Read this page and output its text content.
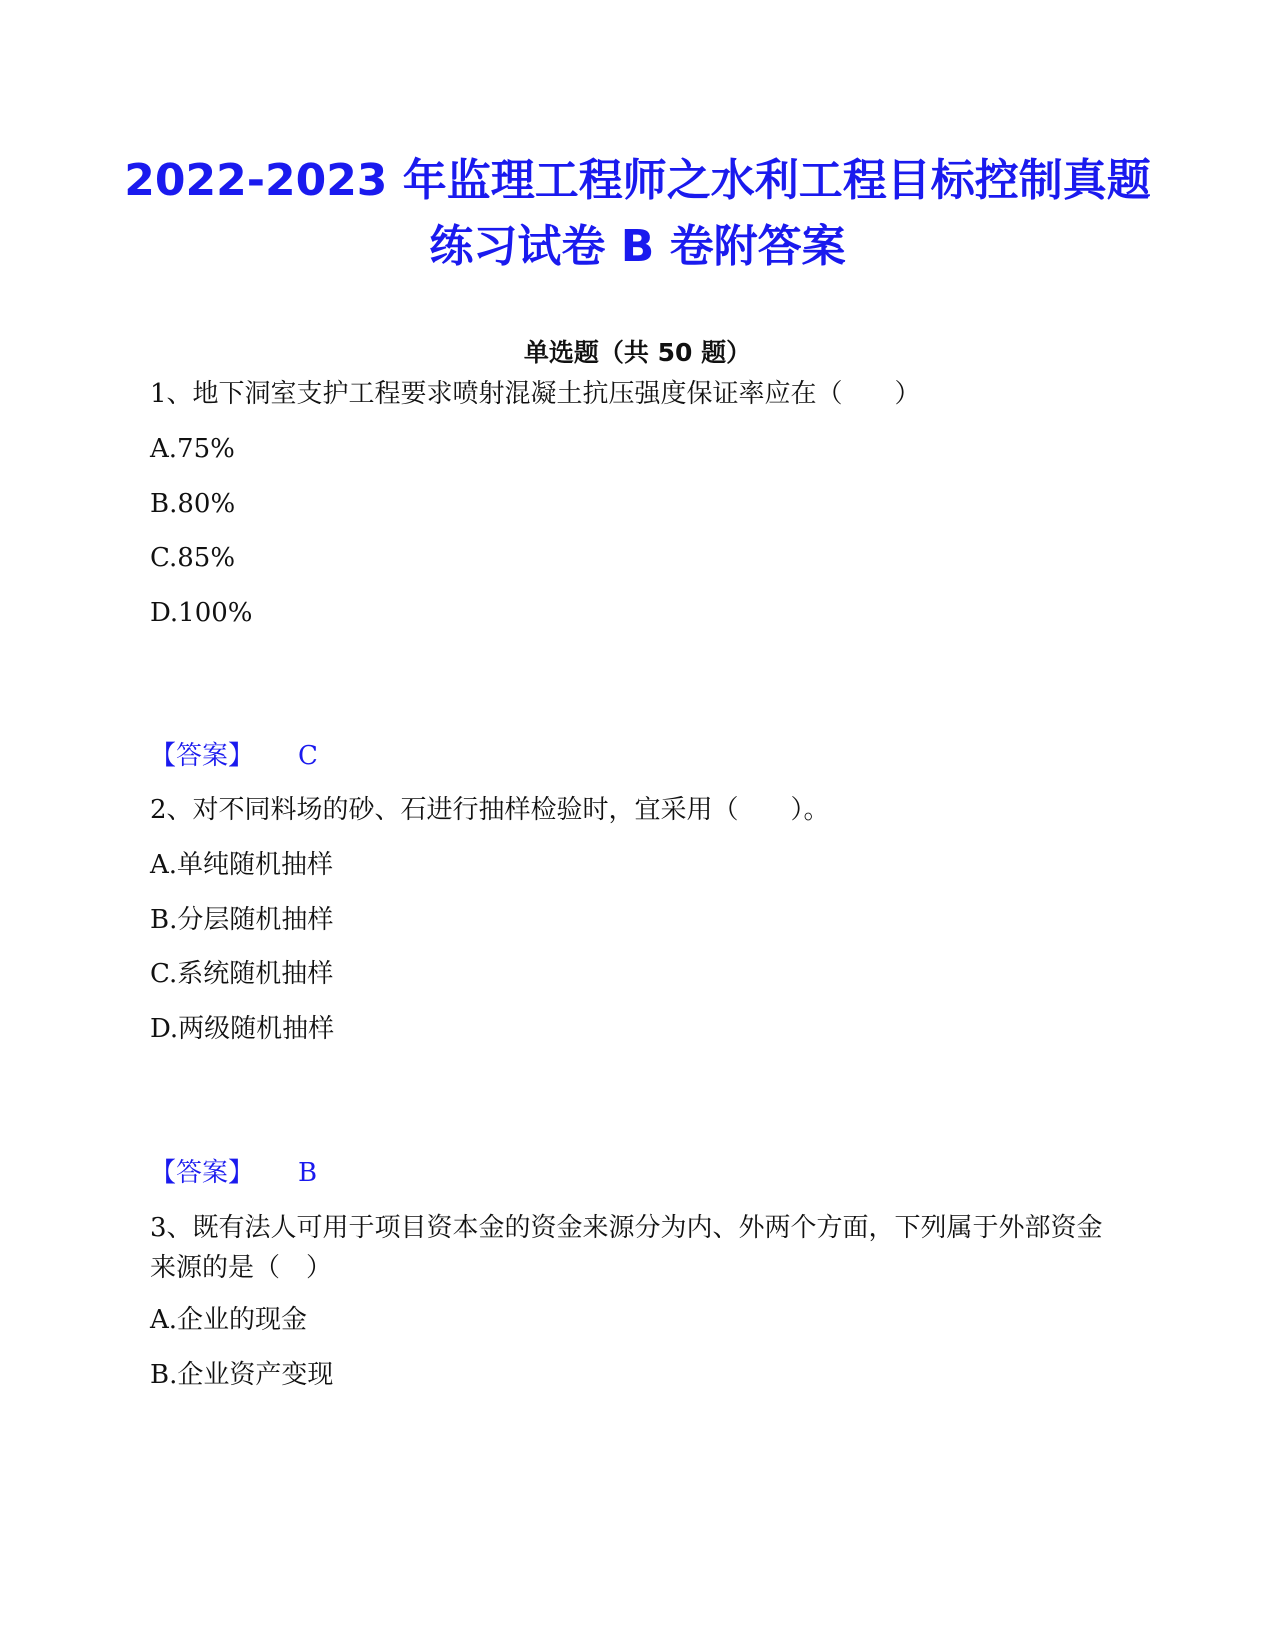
2022-2023 年监理工程师之水利工程目标控制真题练习试卷 B 卷附答案
单选题（共 50 题）
1、地下洞室支护工程要求喷射混凝土抗压强度保证率应在（　　）
A.75%
B.80%
C.85%
D.100%
【答案】 C
2、对不同料场的砂、石进行抽样检验时，宜采用（　　）。
A.单纯随机抽样
B.分层随机抽样
C.系统随机抽样
D.两级随机抽样
【答案】 B
3、既有法人可用于项目资本金的资金来源分为内、外两个方面，下列属于外部资金来源的是（　）
A.企业的现金
B.企业资产变现
